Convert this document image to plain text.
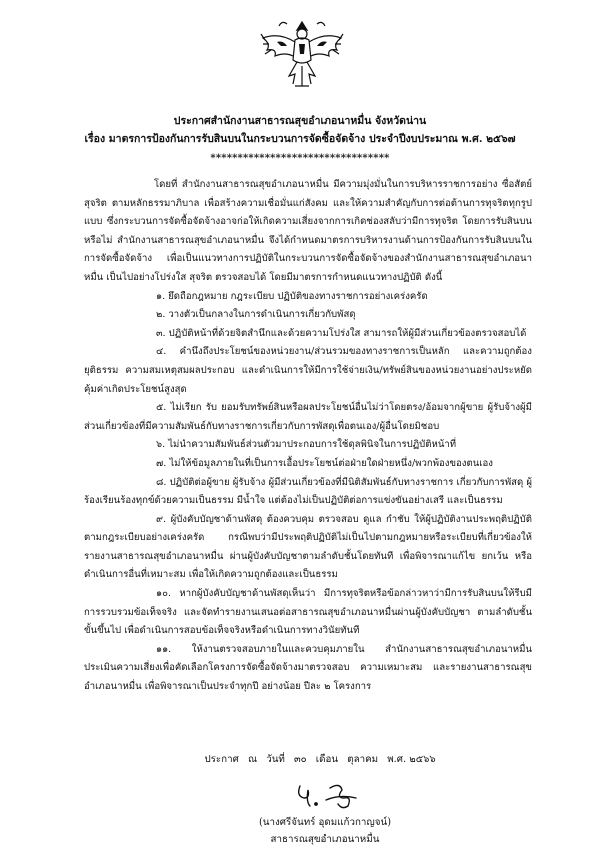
ประกาศสำนักงานสาธารณสุขอำเภอนาหมื่น จังหวัดน่าน
เรื่อง มาตรการป้องกันการรับสินบนในกระบวนการจัดซื้อจัดจ้าง ประจำปีงบประมาณ พ.ศ. ๒๕๖๗
*********************************

โดยที่ สำนักงานสาธารณสุขอำเภอนาหมื่น มีความมุ่งมั่นในการบริหารราชการอย่าง ซื่อสัตย์สุจริต ตามหลักธรรมาภิบาล เพื่อสร้างความเชื่อมั่นแก่สังคม และให้ความสำคัญกับการต่อต้านการทุจริตทุกรูปแบบ ซึ่งกระบวนการจัดซื้อจัดจ้างอาจก่อให้เกิดความเสี่ยงจากการเกิดช่องสลับว่ามีการทุจริต โดยการรับสินบนหรือไม่ สำนักงานสาธารณสุขอำเภอนาหมื่น จึงได้กำหนดมาตรการบริหารงานด้านการป้องกันการรับสินบนในการจัดซื้อจัดจ้าง เพื่อเป็นแนวทางการปฏิบัติในกระบวนการจัดซื้อจัดจ้างของสำนักงานสาธารณสุขอำเภอนาหมื่น เป็นไปอย่างโปร่งใส สุจริต ตรวจสอบได้ โดยมีมาตรการกำหนดแนวทางปฏิบัติ ดังนี้

๑. ยึดถือกฎหมาย กฎระเบียบ ปฏิบัติของทางราชการอย่างเคร่งครัด

๒. วางตัวเป็นกลางในการดำเนินการเกี่ยวกับพัสดุ

๓. ปฏิบัติหน้าที่ด้วยจิตสำนึกและด้วยความโปร่งใส สามารถให้ผู้มีส่วนเกี่ยวข้องตรวจสอบได้

๔. คำนึงถึงประโยชน์ของหน่วยงาน/ส่วนรวมของทางราชการเป็นหลัก และความถูกต้อง ยุติธรรม ความสมเหตุสมผลประกอบ และดำเนินการให้มีการใช้จ่ายเงิน/ทรัพย์สินของหน่วยงานอย่างประหยัดคุ้มค่าเกิดประโยชน์สูงสุด

๕. ไม่เรียก รับ ยอมรับทรัพย์สินหรือผลประโยชน์อื่นไม่ว่าโดยตรง/อ้อมจากผู้ขาย ผู้รับจ้างผู้มีส่วนเกี่ยวข้องที่มีความสัมพันธ์กับทางราชการเกี่ยวกับการพัสดุเพื่อตนเอง/ผู้อื่นโดยมิชอบ

๖. ไม่นำความสัมพันธ์ส่วนตัวมาประกอบการใช้ดุลพินิจในการปฏิบัติหน้าที่

๗. ไม่ให้ข้อมูลภายในที่เป็นการเอื้อประโยชน์ต่อฝ่ายใดฝ่ายหนึ่ง/พวกพ้องของตนเอง

๘. ปฏิบัติต่อผู้ขาย ผู้รับจ้าง ผู้มีส่วนเกี่ยวข้องที่มีนิติสัมพันธ์กับทางราชการ เกี่ยวกับการพัสดุ ผู้ร้องเรียนร้องทุกข์ด้วยความเป็นธรรม มีน้ำใจ แต่ต้องไม่เป็นปฏิบัติต่อการแข่งขันอย่างเสรี และเป็นธรรม

๙. ผู้บังคับบัญชาด้านพัสดุ ต้องควบคุม ตรวจสอบ ดูแล กำชับ ให้ผู้ปฏิบัติงานประพฤติปฏิบัติตามกฎระเบียบอย่างเคร่งครัด กรณีพบว่ามีประพฤติปฏิบัติไม่เป็นไปตามกฎหมายหรือระเบียบที่เกี่ยวข้องให้รายงานสาธารณสุขอำเภอนาหมื่น ผ่านผู้บังคับบัญชาตามลำดับชั้นโดยทันที เพื่อพิจารณาแก้ไข ยกเว้น หรือดำเนินการอื่นที่เหมาะสม เพื่อให้เกิดความถูกต้องและเป็นธรรม

๑๐. หากผู้บังคับบัญชาด้านพัสดุเห็นว่า มีการทุจริตหรือข้อกล่าวหาว่ามีการรับสินบนให้รีบมีการรวบรวมข้อเท็จจริง และจัดทำรายงานเสนอต่อสาธารณสุขอำเภอนาหมื่นผ่านผู้บังคับบัญชา ตามลำดับชั้นขั้นขึ้นไป เพื่อดำเนินการสอบข้อเท็จจริงหรือดำเนินการทางวินัยทันที

๑๑. ให้งานตรวจสอบภายในและควบคุมภายใน สำนักงานสาธารณสุขอำเภอนาหมื่น ประเมินความเสี่ยงเพื่อคัดเลือกโครงการจัดซื้อจัดจ้างมาตรวจสอบ ความเหมาะสม และรายงานสาธารณสุขอำเภอนาหมื่น เพื่อพิจารณาเป็นประจำทุกปี อย่างน้อย ปีละ ๒ โครงการ

ประกาศ ณ วันที่ ๓๐ เดือน ตุลาคม พ.ศ. ๒๕๖๖
(นางศรีจันทร์ อุดมแก้วกาญจน์)
สาธารณสุขอำเภอนาหมื่น
